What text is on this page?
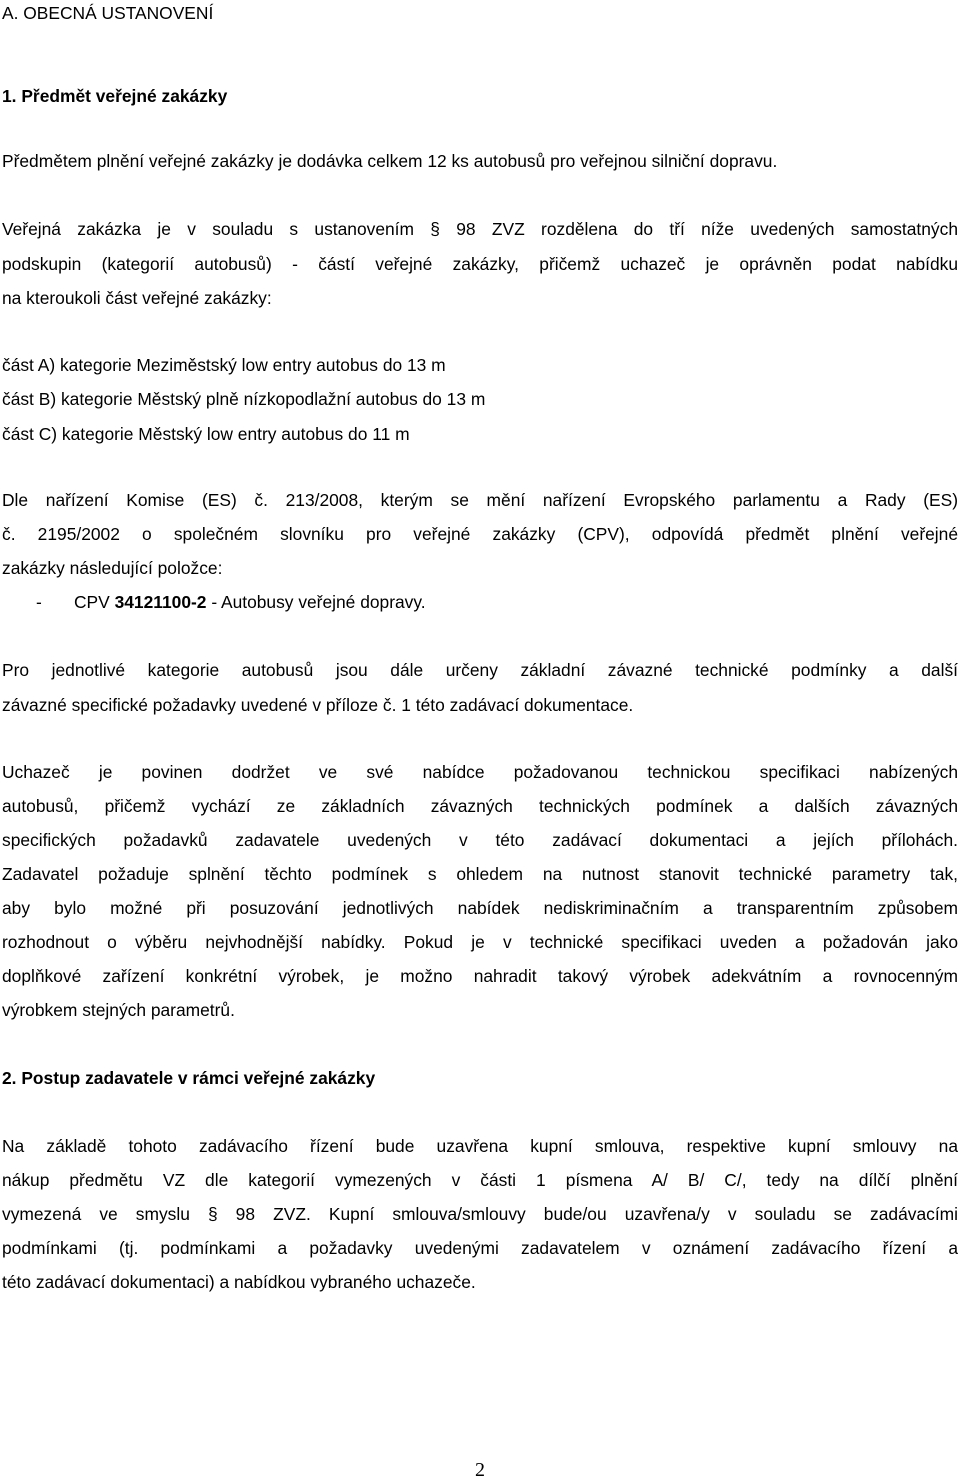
A. OBECNÁ USTANOVENÍ
1. Předmět veřejné zakázky
Předmětem plnění veřejné zakázky je dodávka celkem 12 ks autobusů pro veřejnou silniční dopravu.
Veřejná zakázka je v souladu s ustanovením § 98 ZVZ rozdělena do tří níže uvedených samostatných
podskupin (kategorií autobusů) - částí veřejné zakázky, přičemž uchazeč je oprávněn podat nabídku
na kteroukoli část veřejné zakázky:
část A) kategorie Meziměstský low entry autobus do 13 m
část B) kategorie Městský plně nízkopodlažní autobus do 13 m
část C) kategorie Městský low entry autobus do 11 m
Dle nařízení Komise (ES) č. 213/2008, kterým se mění nařízení Evropského parlamentu a Rady (ES)
č. 2195/2002 o společném slovníku pro veřejné zakázky (CPV), odpovídá předmět plnění veřejné
zakázky následující položce:
- CPV 34121100-2 - Autobusy veřejné dopravy.
Pro jednotlivé kategorie autobusů jsou dále určeny základní závazné technické podmínky a další
závazné specifické požadavky uvedené v příloze č. 1 této zadávací dokumentace.
Uchazeč je povinen dodržet ve své nabídce požadovanou technickou specifikaci nabízených
autobusů, přičemž vychází ze základních závazných technických podmínek a dalších závazných
specifických požadavků zadavatele uvedených v této zadávací dokumentaci a jejích přílohách.
Zadavatel požaduje splnění těchto podmínek s ohledem na nutnost stanovit technické parametry tak,
aby bylo možné při posuzování jednotlivých nabídek nediskriminačním a transparentním způsobem
rozhodnout o výběru nejvhodnější nabídky. Pokud je v technické specifikaci uveden a požadován jako
doplňkové zařízení konkrétní výrobek, je možno nahradit takový výrobek adekvátním a rovnocenným
výrobkem stejných parametrů.
2. Postup zadavatele v rámci veřejné zakázky
Na základě tohoto zadávacího řízení bude uzavřena kupní smlouva, respektive kupní smlouvy na
nákup předmětu VZ dle kategorií vymezených v části 1 písmena A/ B/ C/, tedy na dílčí plnění
vymezená ve smyslu § 98 ZVZ. Kupní smlouva/smlouvy bude/ou uzavřena/y v souladu se zadávacími
podmínkami (tj. podmínkami a požadavky uvedenými zadavatelem v oznámení zadávacího řízení a
této zadávací dokumentaci) a nabídkou vybraného uchazeče.
2
